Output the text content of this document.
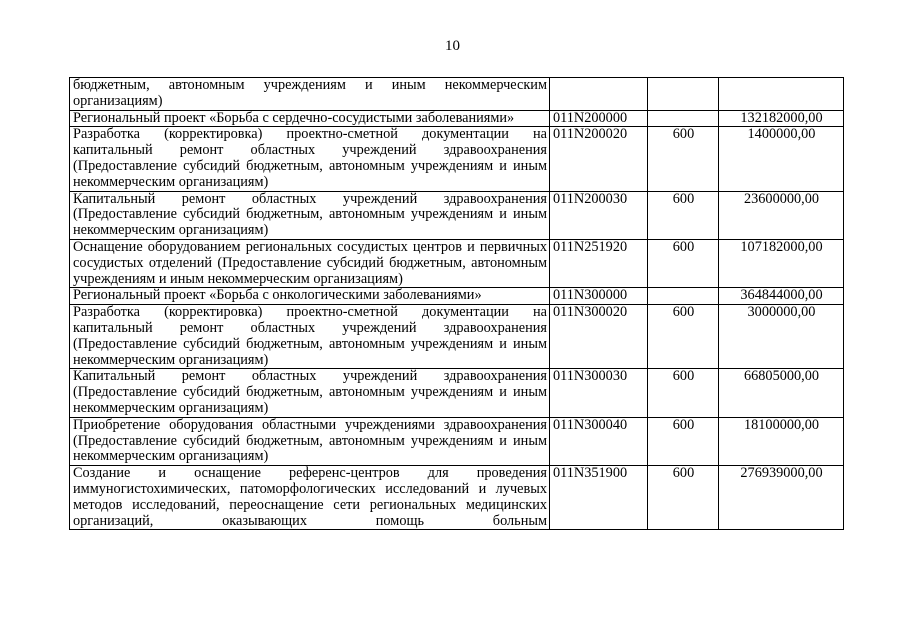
10
бюджетным, автономным учреждениям и иным некоммерческим организациям)			
Региональный проект «Борьба с сердечно-сосудистыми заболеваниями»	011N200000		132182000,00
Разработка (корректировка) проектно-сметной документации на капитальный ремонт областных учреждений здравоохранения (Предоставление субсидий бюджетным, автономным учреждениям и иным некоммерческим организациям)	011N200020	600	1400000,00
Капитальный ремонт областных учреждений здравоохранения (Предоставление субсидий бюджетным, автономным учреждениям и иным некоммерческим организациям)	011N200030	600	23600000,00
Оснащение оборудованием региональных сосудистых центров и первичных сосудистых отделений (Предоставление субсидий бюджетным, автономным учреждениям и иным некоммерческим организациям)	011N251920	600	107182000,00
Региональный проект «Борьба с онкологическими заболеваниями»	011N300000		364844000,00
Разработка (корректировка) проектно-сметной документации на капитальный ремонт областных учреждений здравоохранения (Предоставление субсидий бюджетным, автономным учреждениям и иным некоммерческим организациям)	011N300020	600	3000000,00
Капитальный ремонт областных учреждений здравоохранения (Предоставление субсидий бюджетным, автономным учреждениям и иным некоммерческим организациям)	011N300030	600	66805000,00
Приобретение оборудования областными учреждениями здравоохранения (Предоставление субсидий бюджетным, автономным учреждениям и иным некоммерческим организациям)	011N300040	600	18100000,00
Создание и оснащение референс-центров для проведения иммуногистохимических, патоморфологических исследований и лучевых методов исследований, переоснащение сети региональных медицинских организаций, оказывающих помощь больным	011N351900	600	276939000,00
